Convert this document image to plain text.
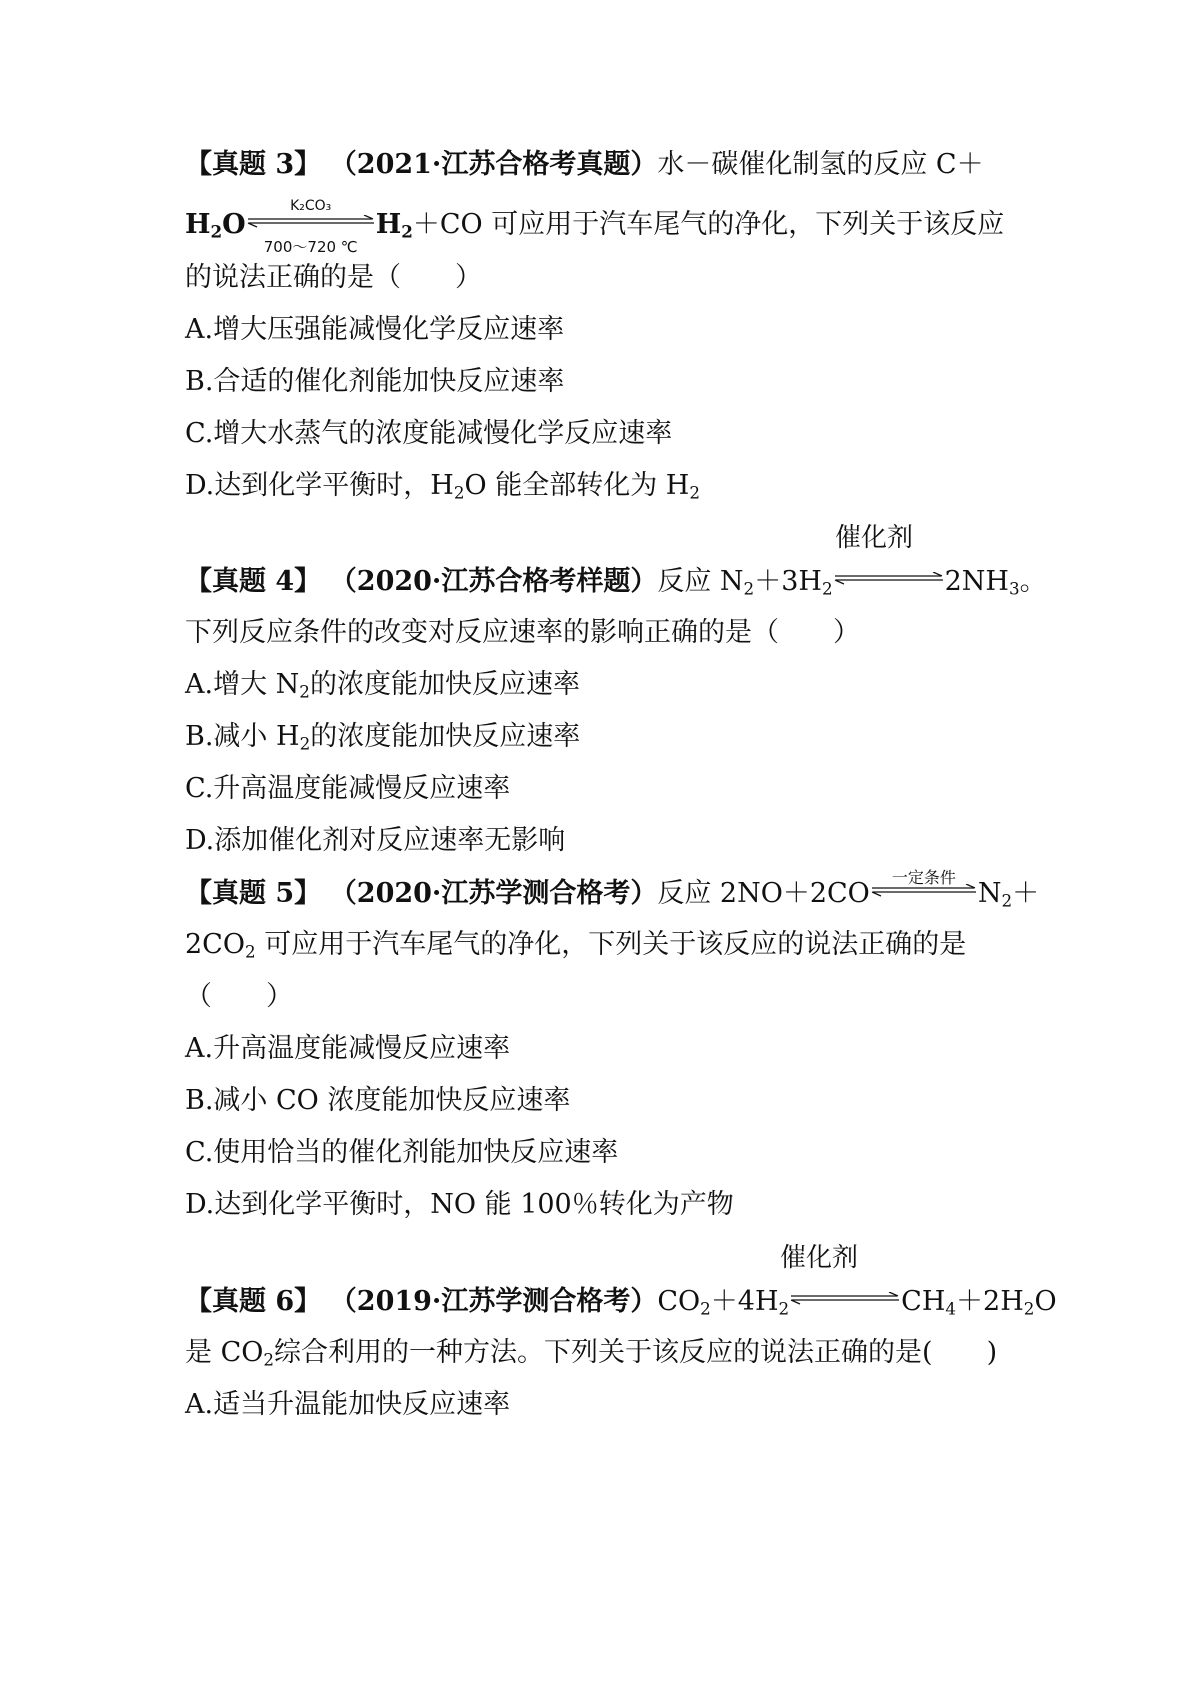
【真题 3】 （2021·江苏合格考真题）水－碳催化制氢的反应 C＋
$H_2O$
K₂CO₃
700～720 ℃
$H_2+CO$ 可应用于汽车尾气的净化，下列关于该反应
的说法正确的是（　　）
A.增大压强能减慢化学反应速率
B.合适的催化剂能加快反应速率
C.增大水蒸气的浓度能减慢化学反应速率
D.达到化学平衡时，$H_2O$ 能全部转化为 $H_2$
催化剂
【真题 4】 （2020·江苏合格考样题）反应 $N_2+3H_2$	$2NH_3$。
下列反应条件的改变对反应速率的影响正确的是（　　）
A.增大 $N_2$的浓度能加快反应速率
B.减小 $H_2$的浓度能加快反应速率
C.升高温度能减慢反应速率
D.添加催化剂对反应速率无影响
【真题 5】 （2020·江苏学测合格考）反应 2NO＋2CO
一定条件
$N_2+$
$2CO_2$ 可应用于汽车尾气的净化，下列关于该反应的说法正确的是
（　　）
A.升高温度能减慢反应速率
B.减小 CO 浓度能加快反应速率
C.使用恰当的催化剂能加快反应速率
D.达到化学平衡时，NO 能 100％转化为产物
催化剂
【真题 6】 （2019·江苏学测合格考）$CO_2+4H_2$	$CH_4+2H_2O$
是 $CO_2$综合利用的一种方法。下列关于该反应的说法正确的是(　　)
A.适当升温能加快反应速率
